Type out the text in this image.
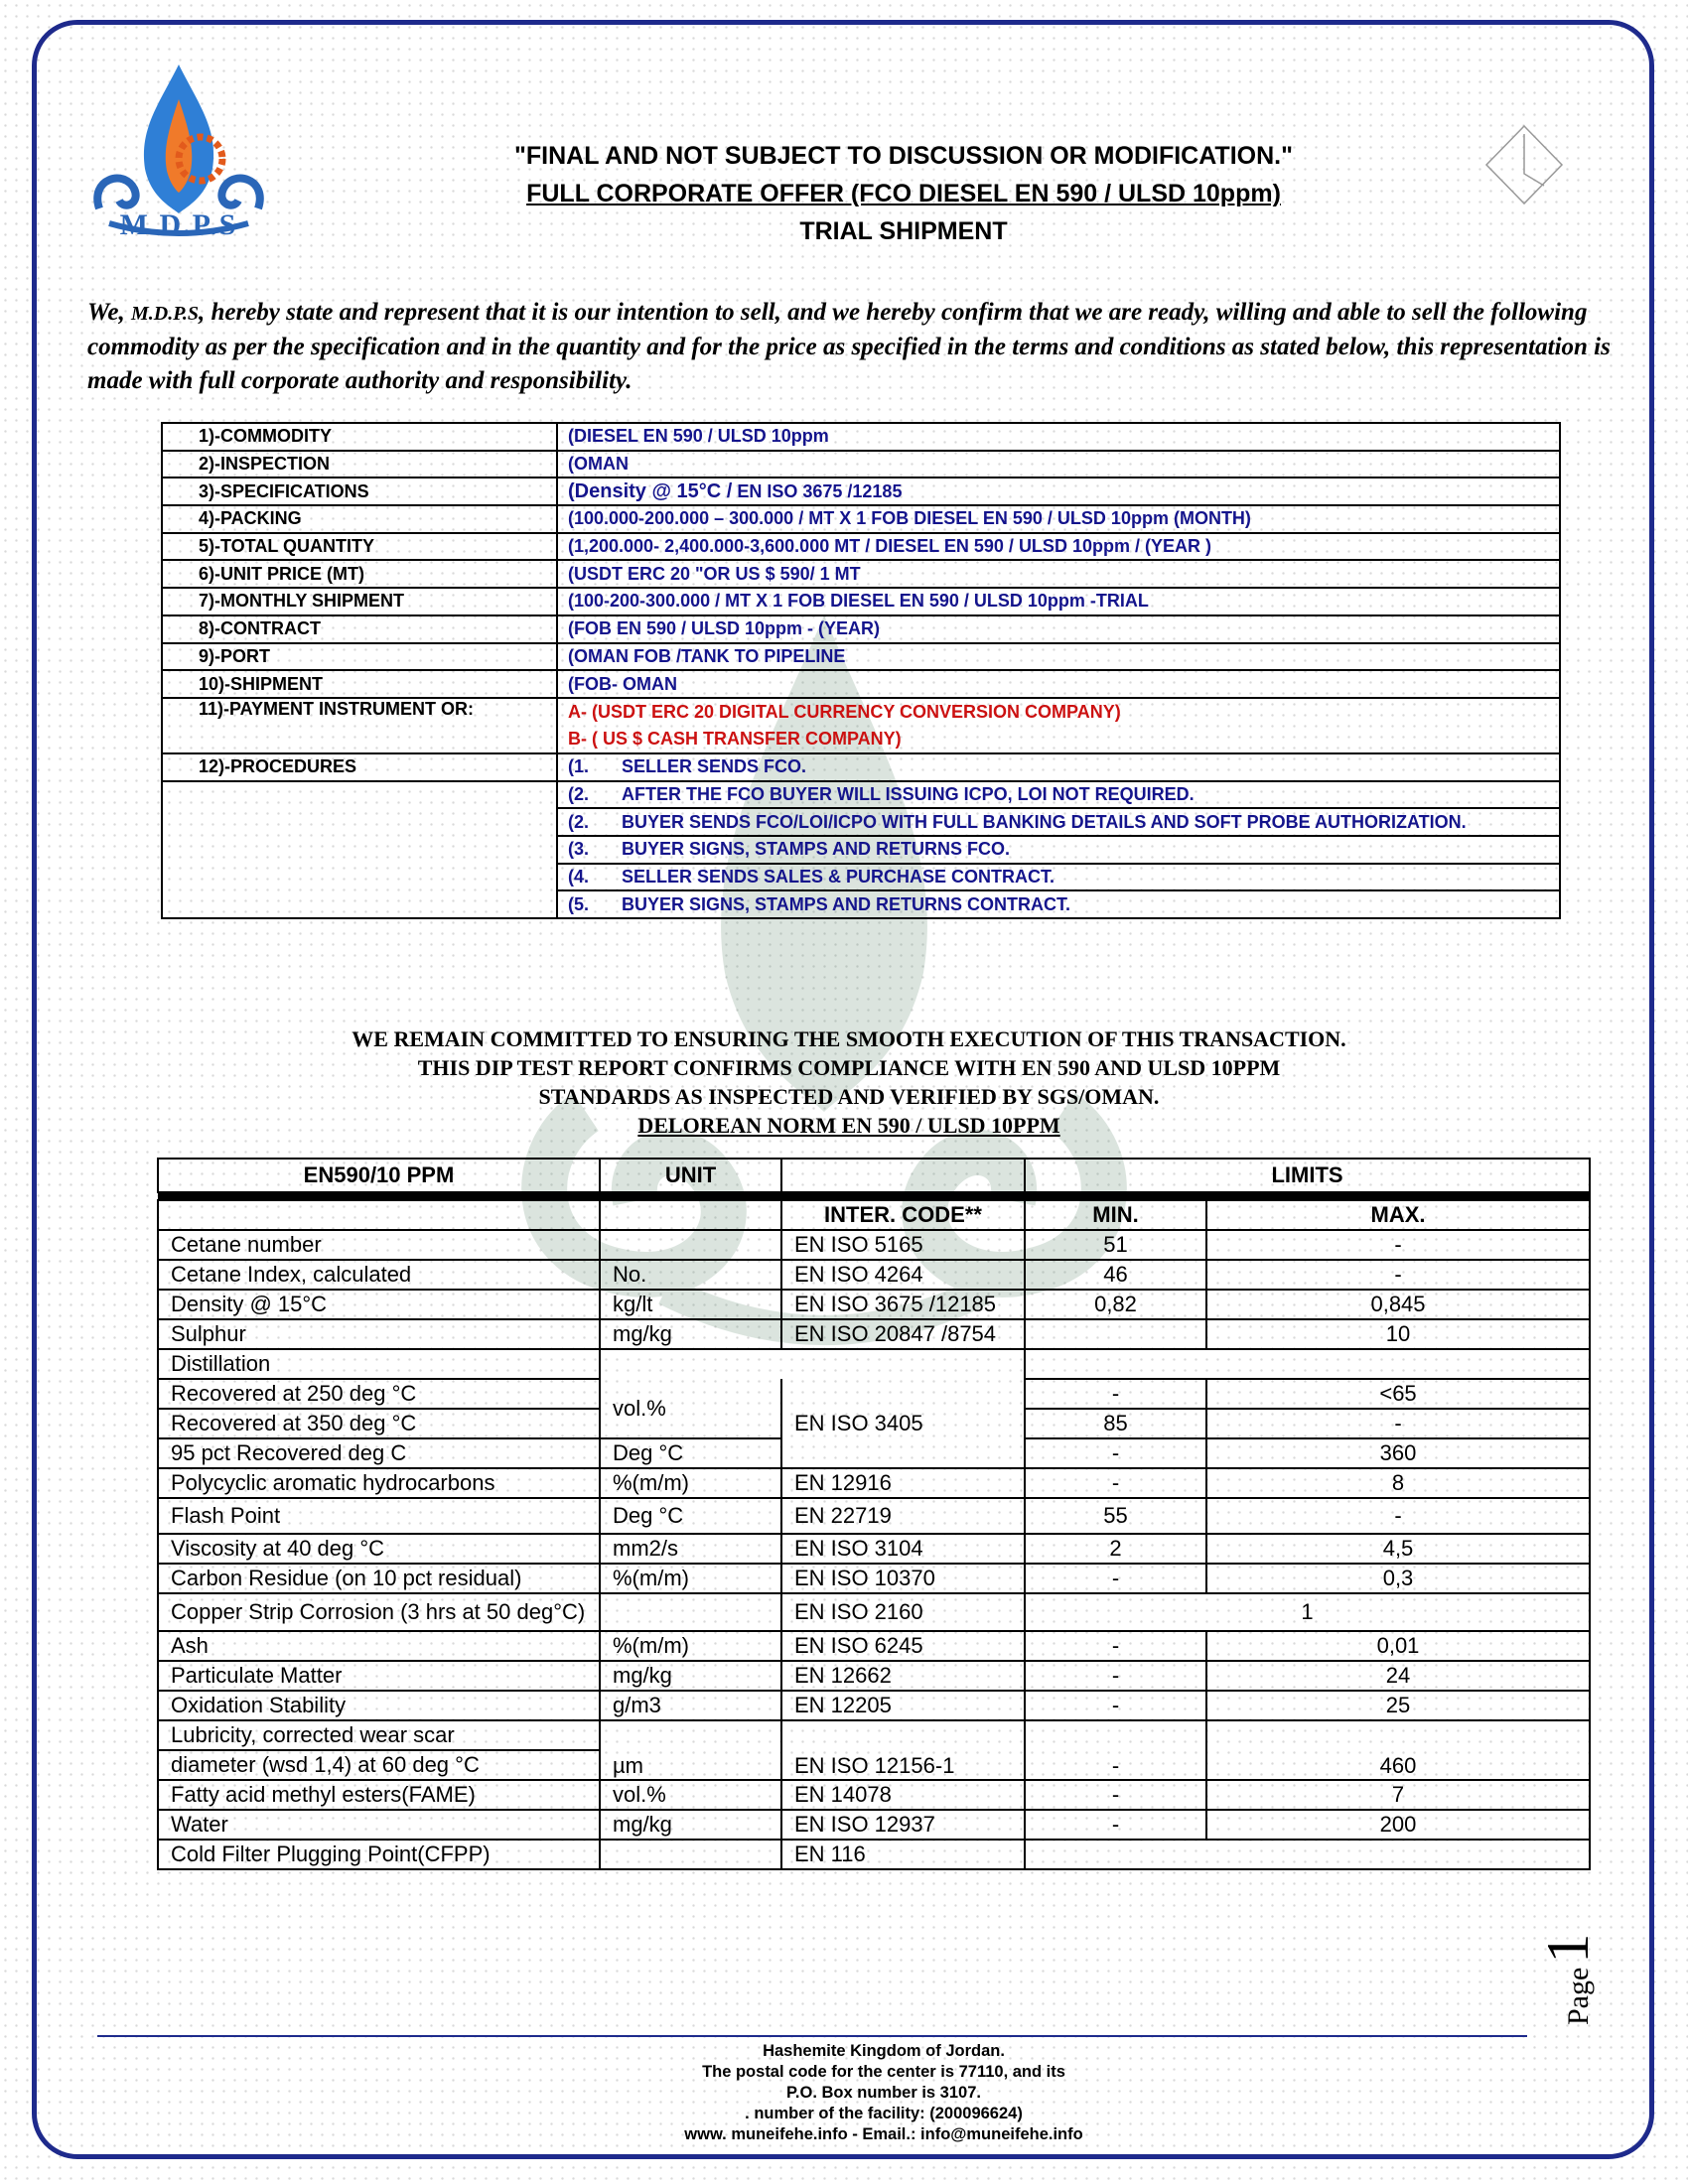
M.D.P.S
"FINAL AND NOT SUBJECT TO DISCUSSION OR MODIFICATION."
FULL CORPORATE OFFER (FCO DIESEL EN 590 / ULSD 10ppm)
TRIAL SHIPMENT
We, M.D.P.S, hereby state and represent that it is our intention to sell, and we hereby confirm that we are ready, willing and able to sell the following commodity as per the specification and in the quantity and for the price as specified in the terms and conditions as stated below, this representation is made with full corporate authority and responsibility.
1)-COMMODITY	(DIESEL EN 590 / ULSD 10ppm
2)-INSPECTION	(OMAN
3)-SPECIFICATIONS	(Density @ 15°C / EN ISO 3675 /12185
4)-PACKING	(100.000-200.000 – 300.000 / MT X 1 FOB DIESEL EN 590 / ULSD 10ppm (MONTH)
5)-TOTAL QUANTITY	(1,200.000- 2,400.000-3,600.000 MT / DIESEL EN 590 / ULSD 10ppm / (YEAR )
6)-UNIT PRICE (MT)	(USDT ERC 20 "OR US $ 590/ 1 MT
7)-MONTHLY SHIPMENT	(100-200-300.000 / MT X 1 FOB DIESEL EN 590 / ULSD 10ppm -TRIAL
8)-CONTRACT	(FOB EN 590 / ULSD 10ppm - (YEAR)
9)-PORT	(OMAN FOB /TANK TO PIPELINE
10)-SHIPMENT	(FOB- OMAN
11)-PAYMENT INSTRUMENT OR:	A- (USDT ERC 20 DIGITAL CURRENCY CONVERSION COMPANY)
B- ( US $ CASH TRANSFER COMPANY)

12)-PROCEDURES	(1. SELLER SENDS FCO.
	(2. AFTER THE FCO BUYER WILL ISSUING ICPO, LOI NOT REQUIRED.
	(2. BUYER SENDS FCO/LOI/ICPO WITH FULL BANKING DETAILS AND SOFT PROBE AUTHORIZATION.
	(3. BUYER SIGNS, STAMPS AND RETURNS FCO.
	(4. SELLER SENDS SALES & PURCHASE CONTRACT.
	(5. BUYER SIGNS, STAMPS AND RETURNS CONTRACT.
WE REMAIN COMMITTED TO ENSURING THE SMOOTH EXECUTION OF THIS TRANSACTION.
THIS DIP TEST REPORT CONFIRMS COMPLIANCE WITH EN 590 AND ULSD 10PPM
STANDARDS AS INSPECTED AND VERIFIED BY SGS/OMAN.
DELOREAN NORM EN 590 / ULSD 10PPM
EN590/10 PPM	UNIT		LIMITS	

		INTER. CODE**	MIN.	MAX.
Cetane number		EN ISO 5165	51	-
Cetane Index, calculated	No.	EN ISO 4264	46	-
Density @ 15°C	kg/lt	EN ISO 3675 /12185	0,82	0,845
Sulphur	mg/kg	EN ISO 20847 /8754		10
Distillation				
Recovered at 250 deg °C	vol.%	EN ISO 3405	-	<65
Recovered at 350 deg °C			85	-
95 pct Recovered deg C	Deg °C		-	360
Polycyclic aromatic hydrocarbons	%(m/m)	EN 12916	-	8
Flash Point	Deg °C	EN 22719	55	-
Viscosity at 40 deg °C	mm2/s	EN ISO 3104	2	4,5
Carbon Residue (on 10 pct residual)	%(m/m)	EN ISO 10370	-	0,3
Copper Strip Corrosion (3 hrs at 50 deg°C)		EN ISO 2160	1	
Ash	%(m/m)	EN ISO 6245	-	0,01
Particulate Matter	mg/kg	EN 12662	-	24
Oxidation Stability	g/m3	EN 12205	-	25
Lubricity, corrected wear scar	µm	EN ISO 12156-1	-	460
diameter (wsd 1,4) at 60 deg °C				
Fatty acid methyl esters(FAME)	vol.%	EN 14078	-	7
Water	mg/kg	EN ISO 12937	-	200
Cold Filter Plugging Point(CFPP)		EN 116		
Hashemite Kingdom of Jordan.
The postal code for the center is 77110, and its
P.O. Box number is 3107.
. number of the facility: (200096624)
www. muneifehe.info - Email.: info@muneifehe.info
Page 1
